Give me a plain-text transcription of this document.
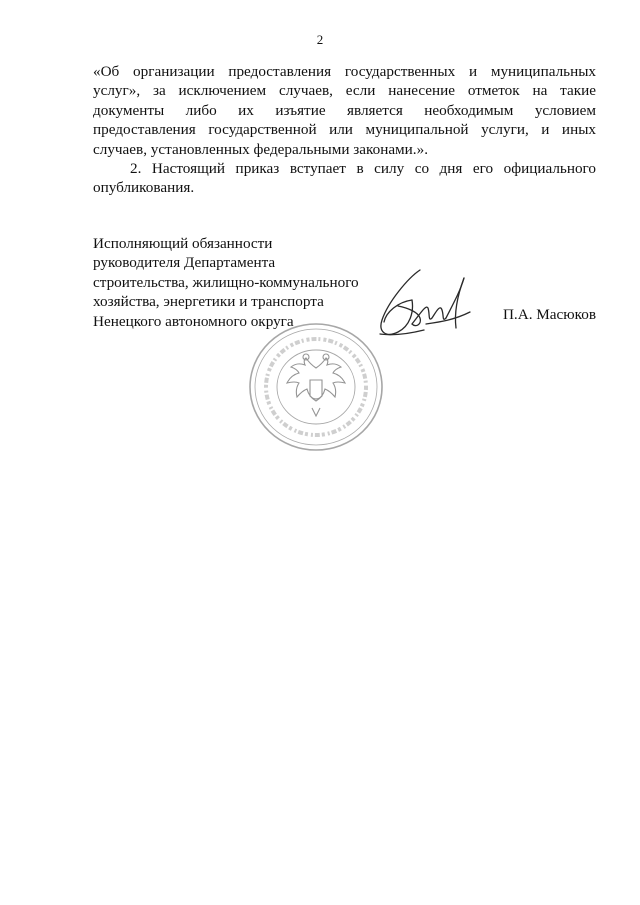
2

«Об организации предоставления государственных и муниципальных услуг», за исключением случаев, если нанесение отметок на такие документы либо их изъятие является необходимым условием предоставления государственной или муниципальной услуги, и иных случаев, установленных федеральными законами.».

2. Настоящий приказ вступает в силу со дня его официального опубликования.

Исполняющий обязанности
руководителя Департамента
строительства, жилищно-коммунального
хозяйства, энергетики и транспорта
Ненецкого автономного округа	П.А. Масюков
